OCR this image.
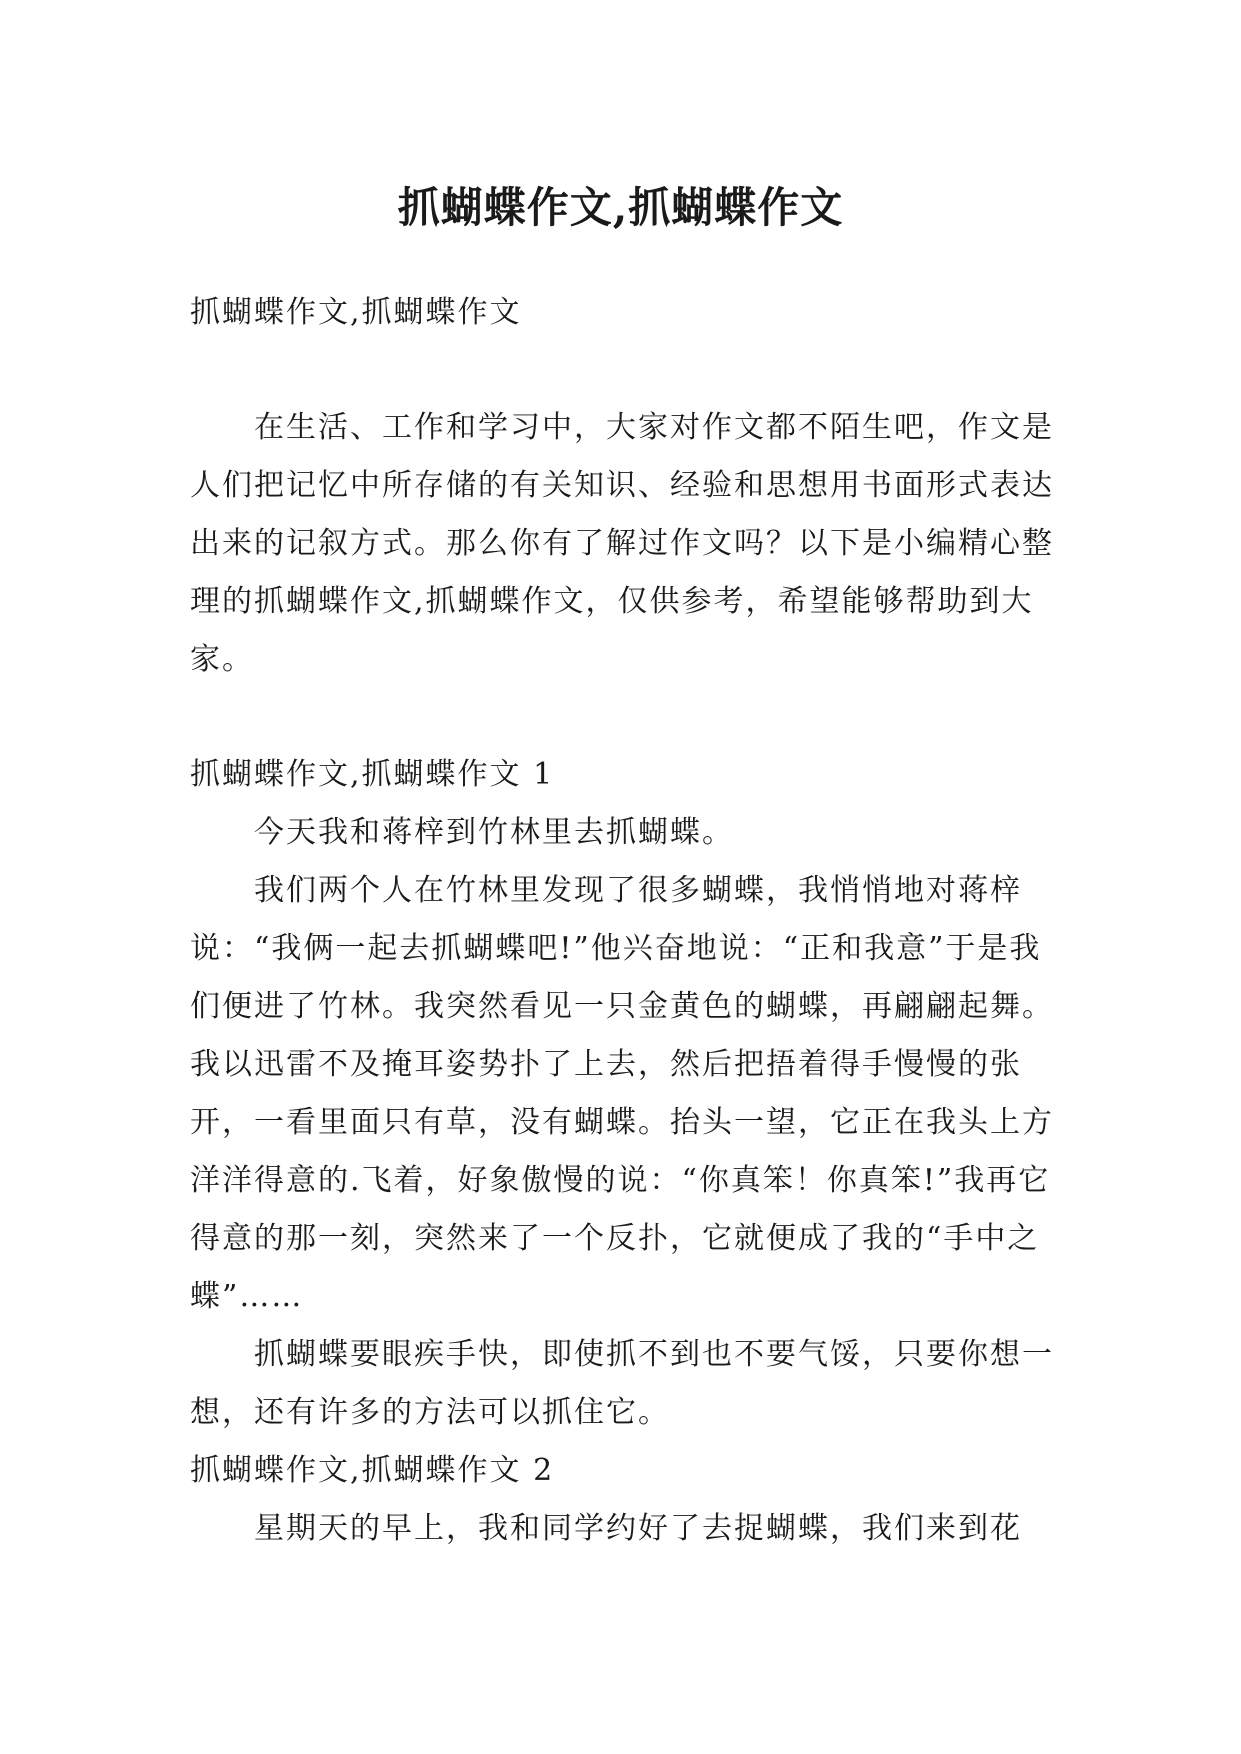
抓蝴蝶作文,抓蝴蝶作文

抓蝴蝶作文,抓蝴蝶作文

在生活、工作和学习中，大家对作文都不陌生吧，作文是人们把记忆中所存储的有关知识、经验和思想用书面形式表达出来的记叙方式。那么你有了解过作文吗？以下是小编精心整理的抓蝴蝶作文,抓蝴蝶作文，仅供参考，希望能够帮助到大家。

抓蝴蝶作文,抓蝴蝶作文 1

今天我和蒋梓到竹林里去抓蝴蝶。

我们两个人在竹林里发现了很多蝴蝶，我悄悄地对蒋梓说：“我俩一起去抓蝴蝶吧!”他兴奋地说：“正和我意”于是我们便进了竹林。我突然看见一只金黄色的蝴蝶，再翩翩起舞。我以迅雷不及掩耳姿势扑了上去，然后把捂着得手慢慢的张开，一看里面只有草，没有蝴蝶。抬头一望，它正在我头上方洋洋得意的.飞着，好象傲慢的说：“你真笨！你真笨!”我再它得意的那一刻，突然来了一个反扑，它就便成了我的“手中之蝶”……

抓蝴蝶要眼疾手快，即使抓不到也不要气馁，只要你想一想，还有许多的方法可以抓住它。

抓蝴蝶作文,抓蝴蝶作文 2

星期天的早上，我和同学约好了去捉蝴蝶，我们来到花
